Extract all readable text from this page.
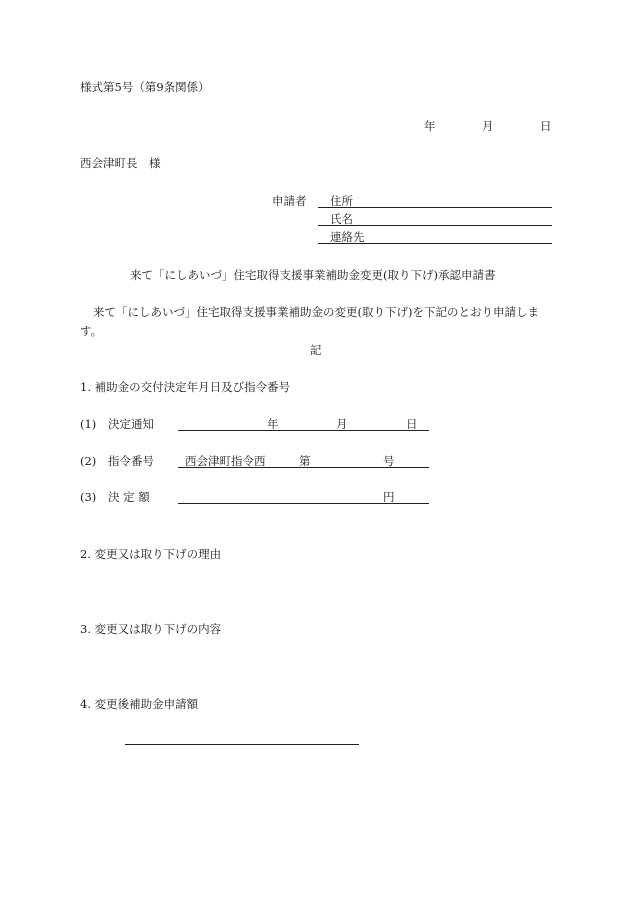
様式第5号（第9条関係）
年	月	日
西会津町長　様
申請者 住所
氏名
連絡先
来て「にしあいづ」住宅取得支援事業補助金変更(取り下げ)承認申請書
来て「にしあいづ」住宅取得支援事業補助金の変更(取り下げ)を下記のとおり申請しま
す。
記
1. 補助金の交付決定年月日及び指令番号
(1) 決定通知	年	月	日
(2) 指令番号	西会津町指令西	第	号
(3) 決 定 額	円
2. 変更又は取り下げの理由
3. 変更又は取り下げの内容
4. 変更後補助金申請額
